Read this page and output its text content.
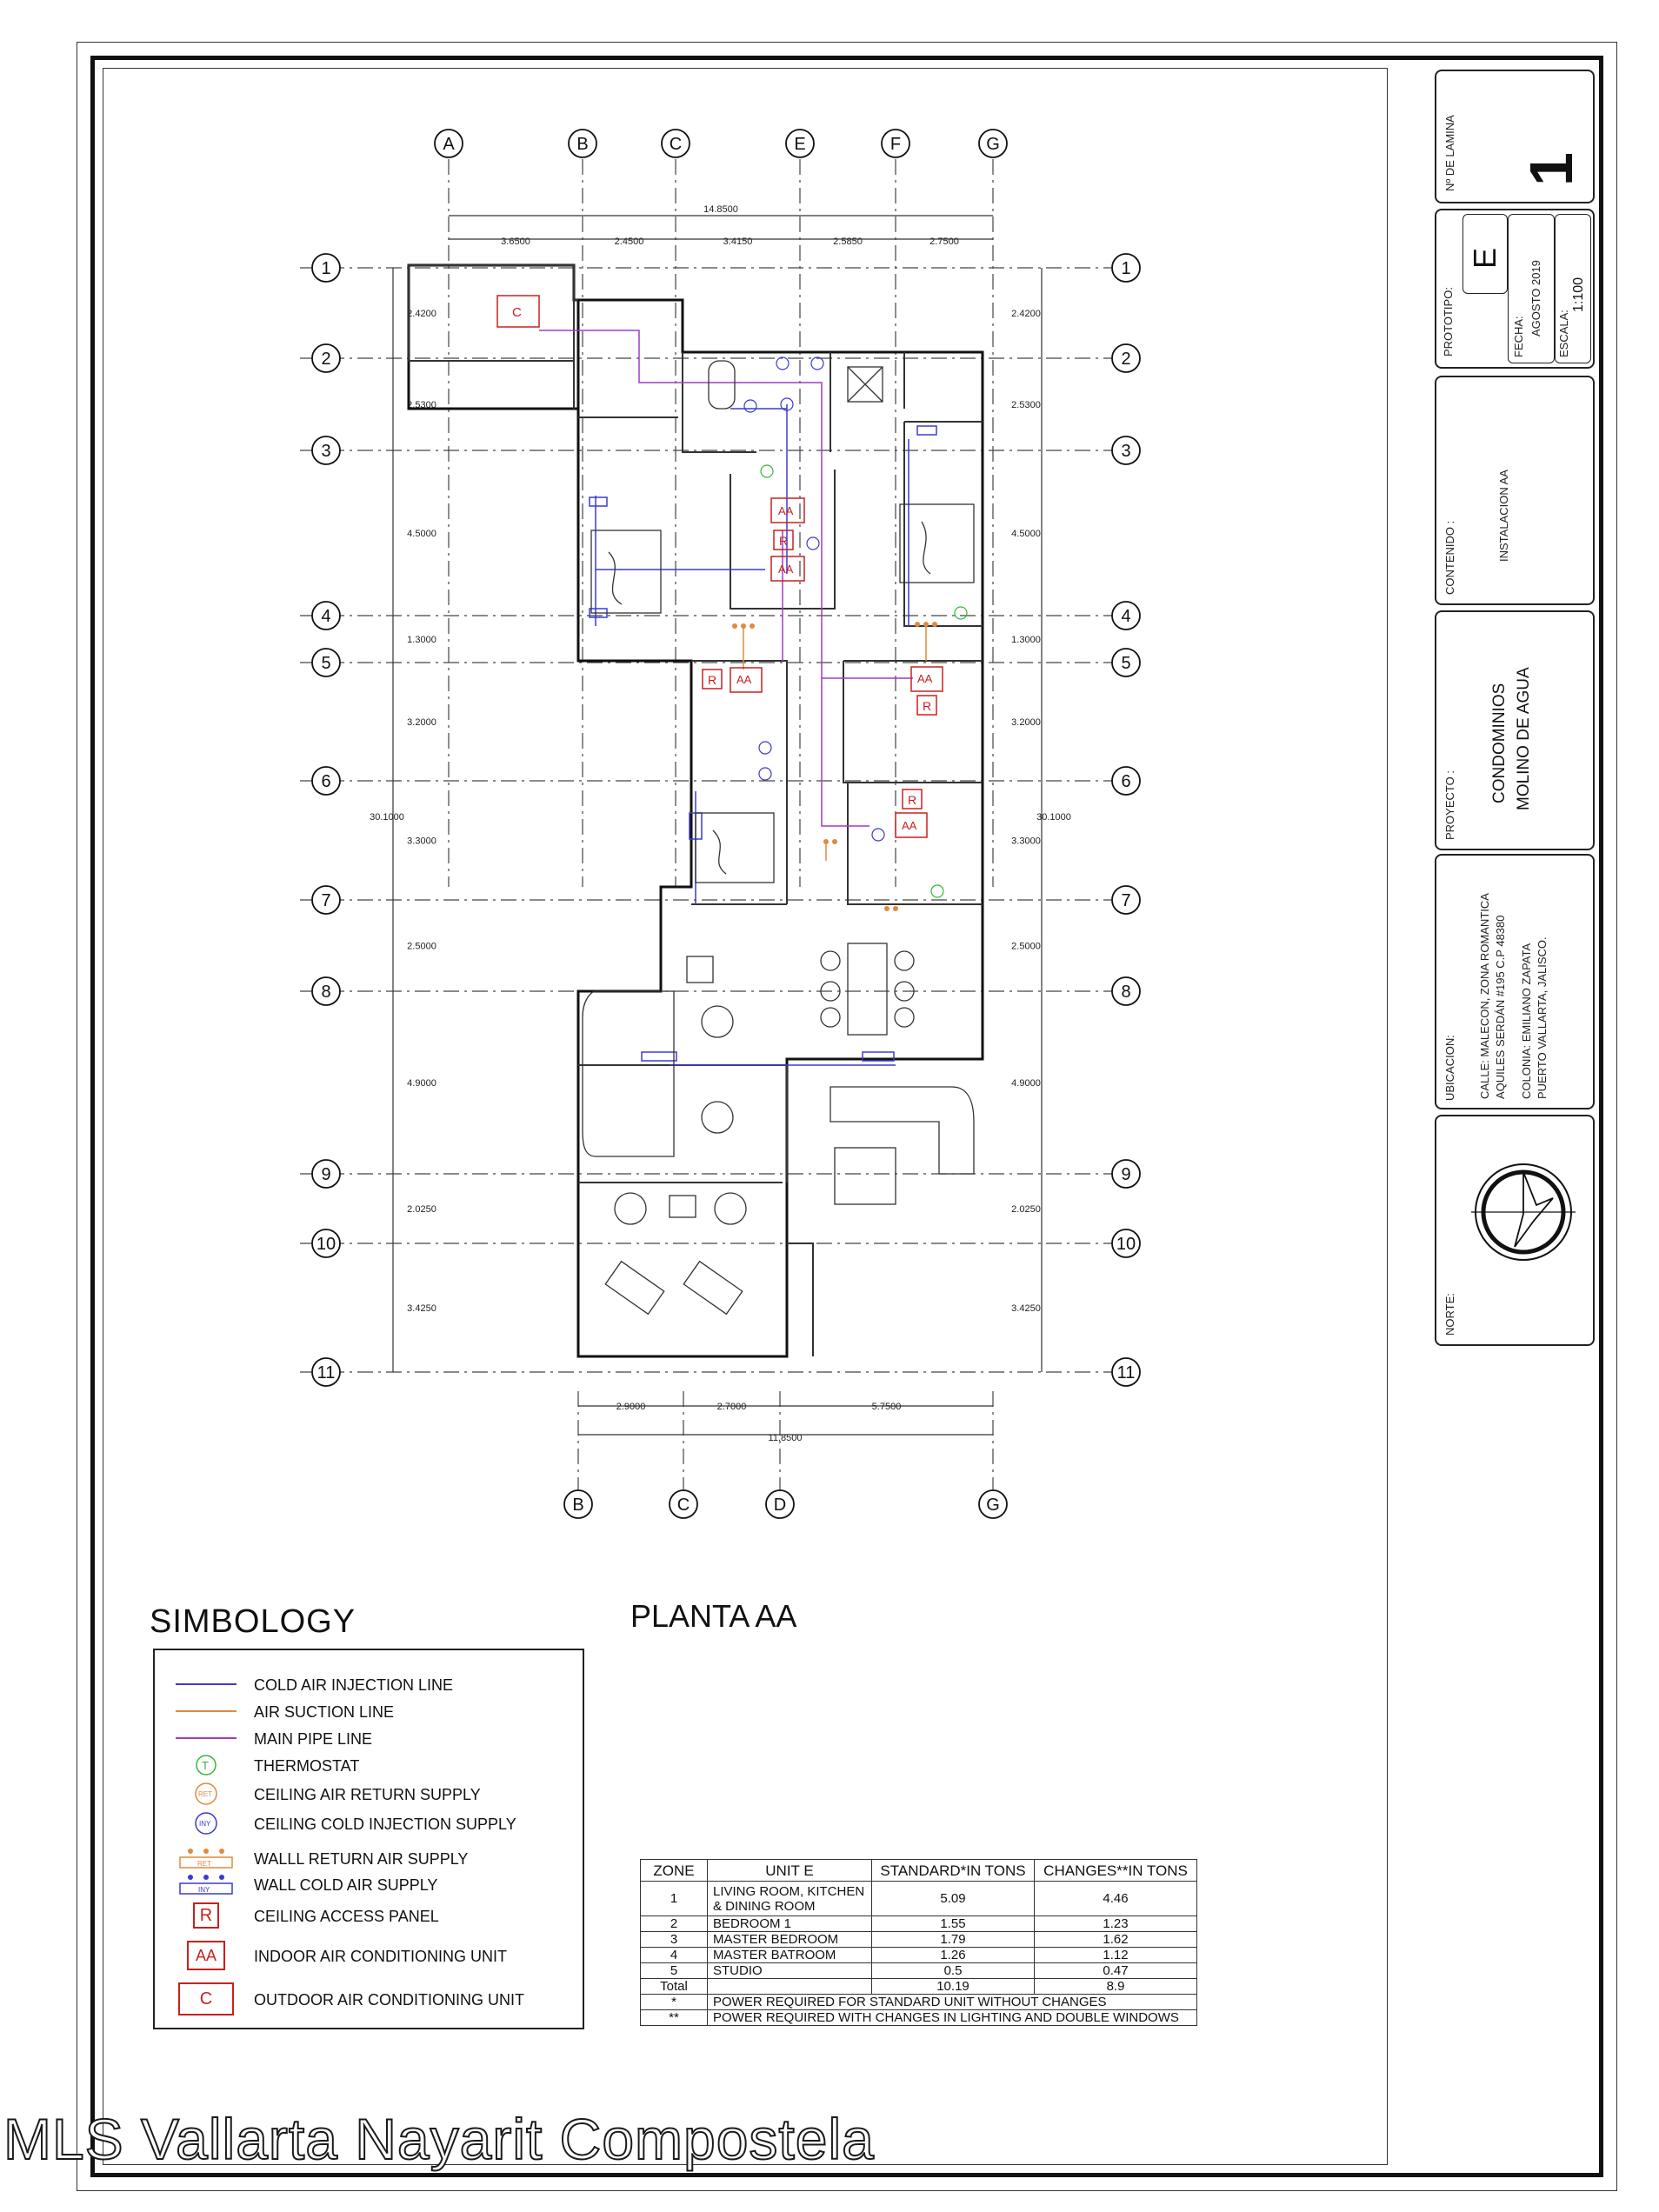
1	1
2	2
3	3
4	4
5	5
6	6
7	7
8	8
9	9
10	10
11	11
A	B	C	E	F	G
B	C	D	G
14.8500
3.6500	2.4500	3.4150	2.5850	2.7500
2.4200
2.5300
4.5000
1.3000
3.2000
3.3000
2.5000
4.9000
2.0250
3.4250
30.1000
2.4200
2.5300
4.5000
1.3000
3.2000
3.3000
2.5000
4.9000
2.0250
3.4250
30.1000
2.9000	2.7000	5.7500
11.8500
C
AA
AA
AA	AA
AA
R
R
R
R
SIMBOLOGY
COLD AIR INJECTION LINE
AIR SUCTION LINE
MAIN PIPE LINE
T	THERMOSTAT
RET	CEILING AIR RETURN SUPPLY
INY	CEILING COLD INJECTION SUPPLY
RET	WALLL RETURN AIR SUPPLY
INY	WALL COLD AIR SUPPLY
R	CEILING ACCESS PANEL
AA	INDOOR AIR CONDITIONING UNIT
C	OUTDOOR AIR CONDITIONING UNIT
PLANTA AA
ZONE	UNIT E	STANDARD*IN TONS	CHANGES**IN TONS
1	LIVING ROOM, KITCHEN & DINING ROOM	5.09	4.46
2	BEDROOM 1	1.55	1.23
3	MASTER BEDROOM	1.79	1.62
4	MASTER BATROOM	1.26	1.12
5	STUDIO	0.5	0.47
Total		10.19	8.9
*	POWER REQUIRED FOR STANDARD UNIT WITHOUT CHANGES		
**	POWER REQUIRED WITH CHANGES IN LIGHTING AND DOUBLE WINDOWS		
Nº DE LAMINA 1
PROTOTIPO:
E
FECHA:
AGOSTO 2019 ESCALA:
1:100
CONTENIDO :	INSTALACION AA
PROYECTO :
CONDOMINIOS MOLINO DE AGUA
UBICACION: CALLE: MALECON, ZONA ROMANTICA AQUILES SERDÁN #195 C.P 48380 COLONIA: EMILIANO ZAPATA PUERTO VALLARTA, JALISCO.
NORTE:
MLS Vallarta Nayarit Compostela
